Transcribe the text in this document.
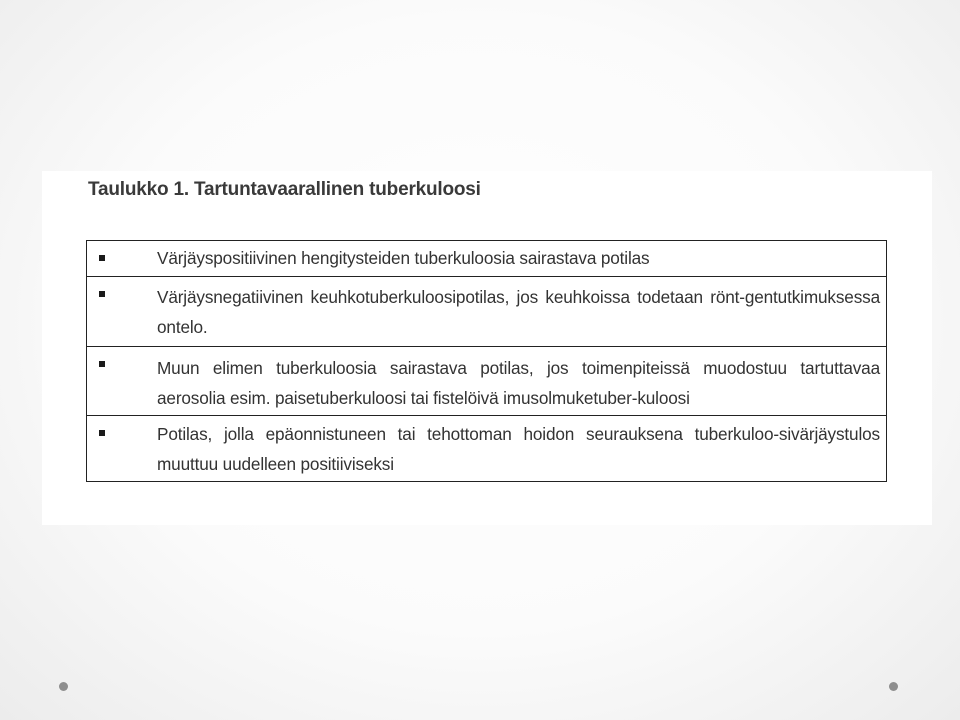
Taulukko 1. Tartuntavaarallinen tuberkuloosi
	Värjäyspositiivinen hengitysteiden tuberkuloosia sairastava potilas

	Värjäysnegatiivinen keuhkotuberkuloosipotilas, jos keuhkoissa todetaan rönt-gentutkimuksessa ontelo.

	Muun elimen tuberkuloosia sairastava potilas, jos toimenpiteissä muodostuu tartuttavaa aerosolia esim. paisetuberkuloosi tai fistelöivä imusolmuketuber-kuloosi

	Potilas, jolla epäonnistuneen tai tehottoman hoidon seurauksena tuberkuloo-sivärjäystulos muuttuu uudelleen positiiviseksi
